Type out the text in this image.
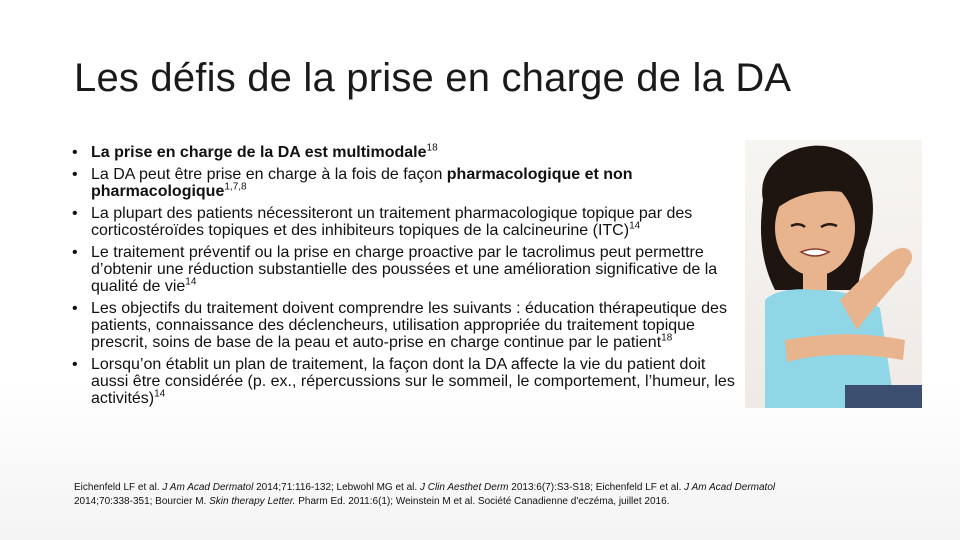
Les défis de la prise en charge de la DA
• La prise en charge de la DA est multimodale$^{18}$
• La DA peut être prise en charge à la fois de façon pharmacologique et non pharmacologique$^{1,7,8}$
• La plupart des patients nécessiteront un traitement pharmacologique topique par des corticostéroïdes topiques et des inhibiteurs topiques de la calcineurine (ITC)$^{14}$
• Le traitement préventif ou la prise en charge proactive par le tacrolimus peut permettre d’obtenir une réduction substantielle des poussées et une amélioration significative de la qualité de vie$^{14}$
• Les objectifs du traitement doivent comprendre les suivants : éducation thérapeutique des patients, connaissance des déclencheurs, utilisation appropriée du traitement topique prescrit, soins de base de la peau et auto-prise en charge continue par le patient$^{18}$
• Lorsqu’on établit un plan de traitement, la façon dont la DA affecte la vie du patient doit aussi être considérée (p. ex., répercussions sur le sommeil, le comportement, l’humeur, les activités)$^{14}$
Eichenfeld LF et al. J Am Acad Dermatol 2014;71:116-132; Lebwohl MG et al. J Clin Aesthet Derm 2013:6(7):S3-S18; Eichenfeld LF et al. J Am Acad Dermatol 2014;70:338-351; Bourcier M. Skin therapy Letter. Pharm Ed. 2011:6(1); Weinstein M et al. Société Canadienne d'eczéma, juillet 2016.
